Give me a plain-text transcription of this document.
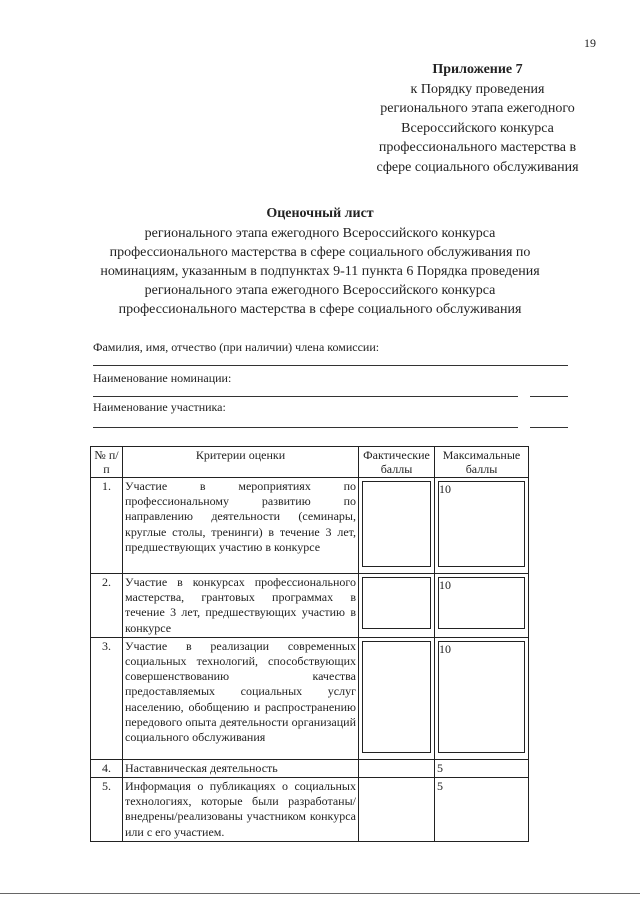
19
Приложение 7
к Порядку проведения
регионального этапа ежегодного
Всероссийского конкурса
профессионального мастерства в
сфере социального обслуживания
Оценочный лист
регионального этапа ежегодного Всероссийского конкурса
профессионального мастерства в сфере социального обслуживания по
номинациям, указанным в подпунктах 9-11 пункта 6 Порядка проведения
регионального этапа ежегодного Всероссийского конкурса
профессионального мастерства в сфере социального обслуживания
Фамилия, имя, отчество (при наличии) члена комиссии:
Наименование номинации:
Наименование участника:
№ п/п	Критерии оценки	Фактические баллы	Максимальные баллы
1.	Участие в мероприятиях по профессиональному развитию по направлению деятельности (семинары, круглые столы, тренинги) в течение 3 лет, предшествующих участию в конкурсе		10

2.	Участие в конкурсах профессионального мастерства, грантовых программах в течение 3 лет, предшествующих участию в конкурсе		10

3.	Участие в реализации современных социальных технологий, способствующих совершенствованию качества предоставляемых социальных услуг населению, обобщению и распространению передового опыта деятельности организаций социального обслуживания		10

4.	Наставническая деятельность		5
5.	Информация о публикациях о социальных технологиях, которые были разработаны/внедрены/реализованы участником конкурса или с его участием.		5
